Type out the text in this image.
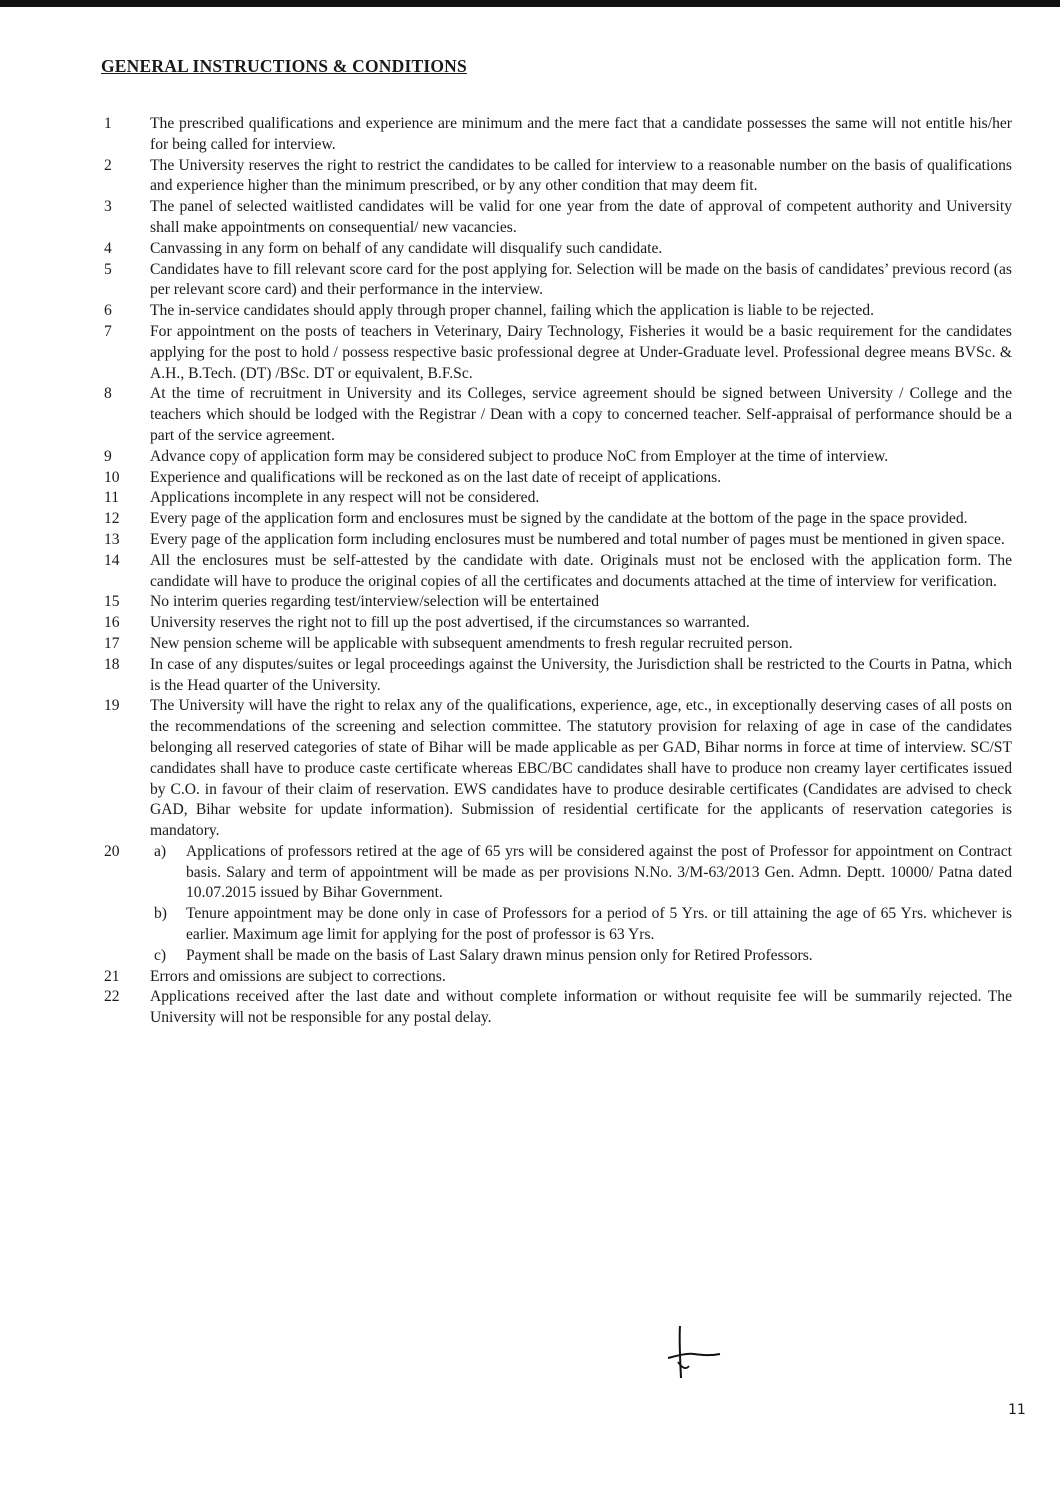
GENERAL INSTRUCTIONS & CONDITIONS
1	The prescribed qualifications and experience are minimum and the mere fact that a candidate possesses the same will not entitle his/her for being called for interview.
2	The University reserves the right to restrict the candidates to be called for interview to a reasonable number on the basis of qualifications and experience higher than the minimum prescribed, or by any other condition that may deem fit.
3	The panel of selected waitlisted candidates will be valid for one year from the date of approval of competent authority and University shall make appointments on consequential/ new vacancies.
4	Canvassing in any form on behalf of any candidate will disqualify such candidate.
5	Candidates have to fill relevant score card for the post applying for. Selection will be made on the basis of candidates’ previous record (as per relevant score card) and their performance in the interview.
6	The in-service candidates should apply through proper channel, failing which the application is liable to be rejected.
7	For appointment on the posts of teachers in Veterinary, Dairy Technology, Fisheries it would be a basic requirement for the candidates applying for the post to hold / possess respective basic professional degree at Under-Graduate level. Professional degree means BVSc. & A.H., B.Tech. (DT) /BSc. DT or equivalent, B.F.Sc.
8	At the time of recruitment in University and its Colleges, service agreement should be signed between University / College and the teachers which should be lodged with the Registrar / Dean with a copy to concerned teacher. Self-appraisal of performance should be a part of the service agreement.
9	Advance copy of application form may be considered subject to produce NoC from Employer at the time of interview.
10	Experience and qualifications will be reckoned as on the last date of receipt of applications.
11	Applications incomplete in any respect will not be considered.
12	Every page of the application form and enclosures must be signed by the candidate at the bottom of the page in the space provided.
13	Every page of the application form including enclosures must be numbered and total number of pages must be mentioned in given space.
14	All the enclosures must be self-attested by the candidate with date. Originals must not be enclosed with the application form. The candidate will have to produce the original copies of all the certificates and documents attached at the time of interview for verification.
15	No interim queries regarding test/interview/selection will be entertained
16	University reserves the right not to fill up the post advertised, if the circumstances so warranted.
17	New pension scheme will be applicable with subsequent amendments to fresh regular recruited person.
18	In case of any disputes/suites or legal proceedings against the University, the Jurisdiction shall be restricted to the Courts in Patna, which is the Head quarter of the University.
19	The University will have the right to relax any of the qualifications, experience, age, etc., in exceptionally deserving cases of all posts on the recommendations of the screening and selection committee. The statutory provision for relaxing of age in case of the candidates belonging all reserved categories of state of Bihar will be made applicable as per GAD, Bihar norms in force at time of interview. SC/ST candidates shall have to produce caste certificate whereas EBC/BC candidates shall have to produce non creamy layer certificates issued by C.O. in favour of their claim of reservation. EWS candidates have to produce desirable certificates (Candidates are advised to check GAD, Bihar website for update information). Submission of residential certificate for the applicants of reservation categories is mandatory.
20	a)	Applications of professors retired at the age of 65 yrs will be considered against the post of Professor for appointment on Contract basis. Salary and term of appointment will be made as per provisions N.No. 3/M-63/2013 Gen. Admn. Deptt. 10000/ Patna dated 10.07.2015 issued by Bihar Government.
b)	Tenure appointment may be done only in case of Professors for a period of 5 Yrs. or till attaining the age of 65 Yrs. whichever is earlier. Maximum age limit for applying for the post of professor is 63 Yrs.
c)	Payment shall be made on the basis of Last Salary drawn minus pension only for Retired Professors.
21	Errors and omissions are subject to corrections.
22	Applications received after the last date and without complete information or without requisite fee will be summarily rejected. The University will not be responsible for any postal delay.
11
